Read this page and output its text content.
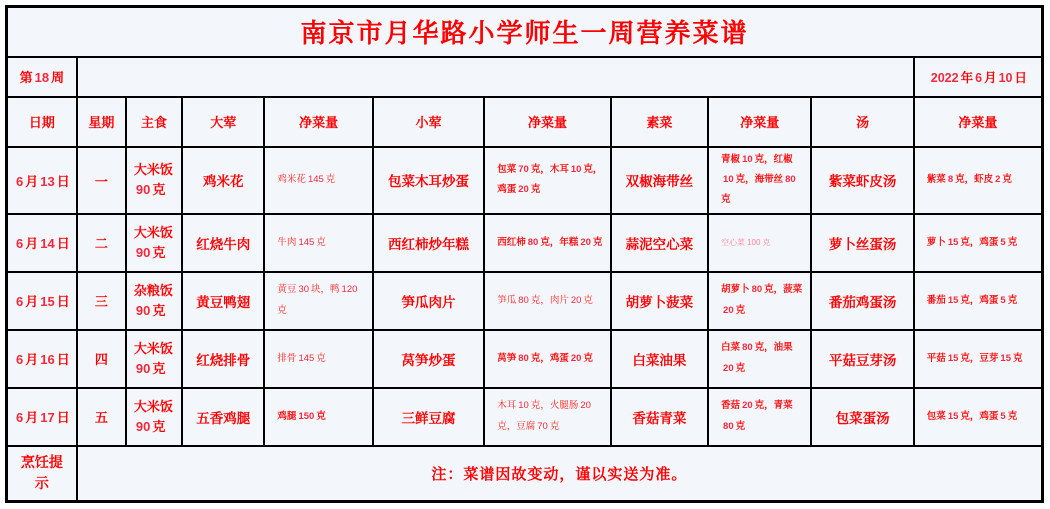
南京市月华路小学师生一周营养菜谱										
第 18 周										2022 年 6 月 10 日
日期	星期	主食	大荤	净菜量	小荤	净菜量	素菜	净菜量	汤	净菜量
6 月 13 日	一	大米饭90 克	鸡米花	鸡米花 145 克	包菜木耳炒蛋	包菜 70 克，木耳 10 克，鸡蛋 20 克	双椒海带丝	青椒 10 克，红椒10 克，海带丝 80克	紫菜虾皮汤	紫菜 8 克，虾皮 2 克
6 月 14 日	二	大米饭90 克	红烧牛肉	牛肉 145 克	西红柿炒年糕	西红柿 80 克，年糕 20 克	蒜泥空心菜	空心菜 100 克	萝卜丝蛋汤	萝卜 15 克，鸡蛋 5 克
6 月 15 日	三	杂粮饭90 克	黄豆鸭翅	黄豆 30 块，鸭 120克	笋瓜肉片	笋瓜 80 克，肉片 20 克	胡萝卜菠菜	胡萝卜 80 克，菠菜20 克	番茄鸡蛋汤	番茄 15 克，鸡蛋 5 克
6 月 16 日	四	大米饭90 克	红烧排骨	排骨 145 克	莴笋炒蛋	莴笋 80 克，鸡蛋 20 克	白菜油果	白菜 80 克，油果20 克	平菇豆芽汤	平菇 15 克，豆芽 15 克
6 月 17 日	五	大米饭90 克	五香鸡腿	鸡腿 150 克	三鲜豆腐	木耳 10 克，火腿肠 20克，豆腐 70 克	香菇青菜	香菇 20 克，青菜80 克	包菜蛋汤	包菜 15 克，鸡蛋 5 克
烹饪提示	注：菜谱因故变动，谨以实送为准。									
